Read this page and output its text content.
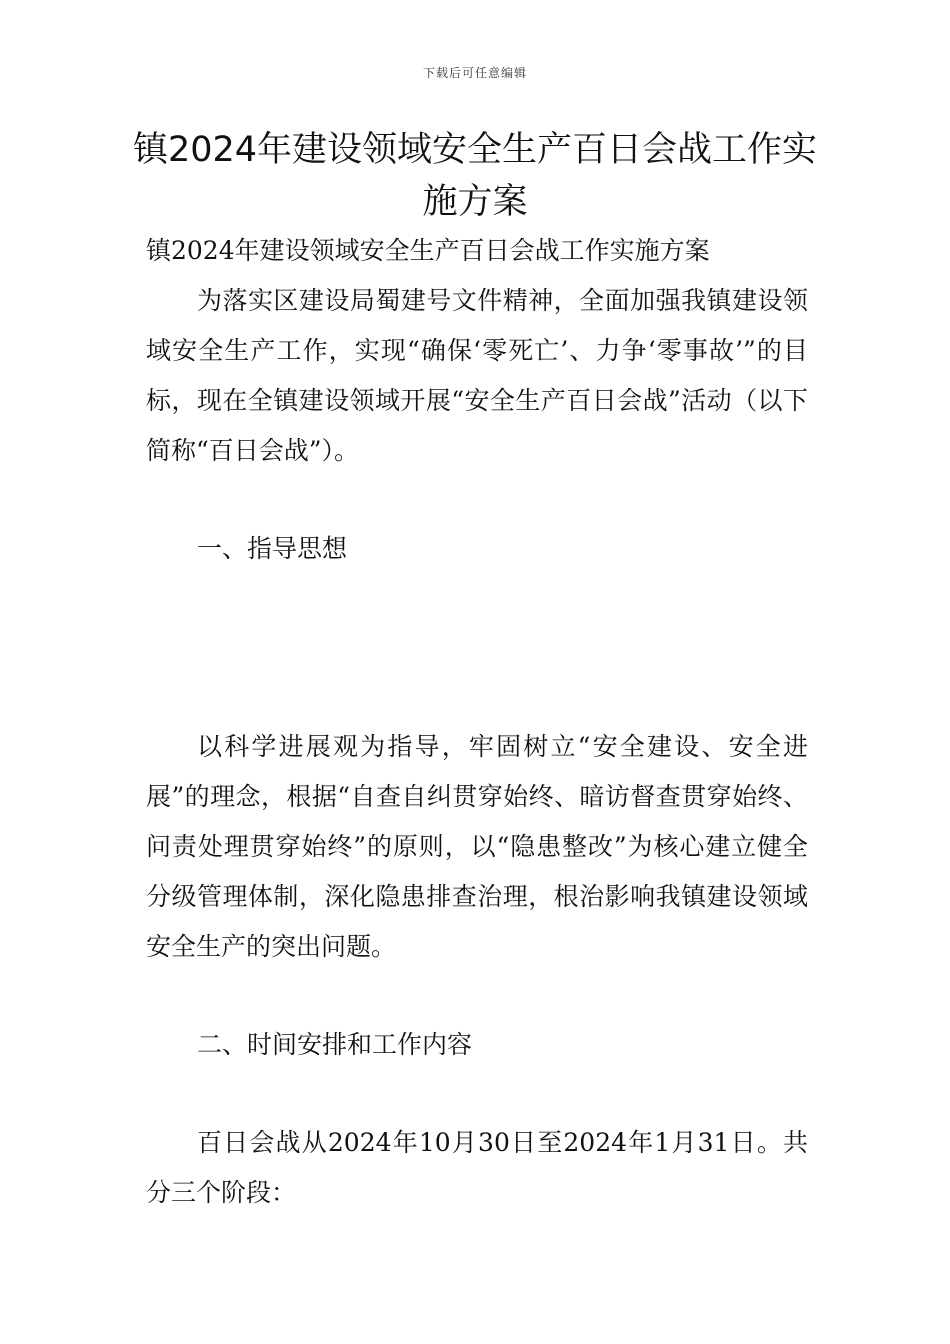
下载后可任意编辑
镇2024年建设领域安全生产百日会战工作实施方案
镇2024年建设领域安全生产百日会战工作实施方案
为落实区建设局蜀建号文件精神，全面加强我镇建设领域安全生产工作，实现“确保‘零死亡’、力争‘零事故’”的目标，现在全镇建设领域开展“安全生产百日会战”活动（以下简称“百日会战”）。
一、指导思想
以科学进展观为指导，牢固树立“安全建设、安全进展”的理念，根据“自查自纠贯穿始终、暗访督查贯穿始终、问责处理贯穿始终”的原则，以“隐患整改”为核心建立健全分级管理体制，深化隐患排查治理，根治影响我镇建设领域安全生产的突出问题。
二、时间安排和工作内容
百日会战从2024年10月30日至2024年1月31日。共分三个阶段：
